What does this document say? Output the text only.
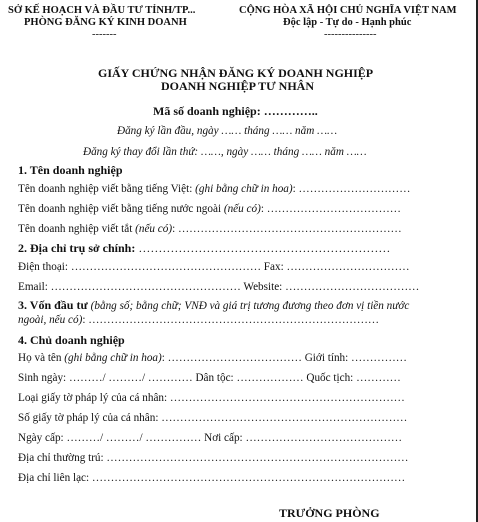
SỞ KẾ HOẠCH VÀ ĐẦU TƯ TỈNH/TP...
PHÒNG ĐĂNG KÝ KINH DOANH
-------
CỘNG HÒA XÃ HỘI CHỦ NGHĨA VIỆT NAM
Độc lập - Tự do - Hạnh phúc
---------------
GIẤY CHỨNG NHẬN ĐĂNG KÝ DOANH NGHIỆP
DOANH NGHIỆP TƯ NHÂN
Mã số doanh nghiệp: …………..
Đăng ký lần đầu, ngày …… tháng …… năm ……
Đăng ký thay đổi lần thứ: ……, ngày …… tháng …… năm ……
1. Tên doanh nghiệp
Tên doanh nghiệp viết bằng tiếng Việt: (ghi bằng chữ in hoa): …………………………
Tên doanh nghiệp viết bằng tiếng nước ngoài (nếu có): ………………………………
Tên doanh nghiệp viết tắt (nếu có): ……………………………………………………
2. Địa chỉ trụ sở chính: ………………………………………………………
Điện thoại: …………………………………………… Fax: ……………………………
Email: …………………………………………… Website: ………………………………
3. Vốn đầu tư (bằng số; bằng chữ; VNĐ và giá trị tương đương theo đơn vị tiền nước
ngoài, nếu có): ……………………………………………………………………
4. Chủ doanh nghiệp
Họ và tên (ghi bằng chữ in hoa): ……………………………… Giới tính: ……………
Sinh ngày: ………/ ………/ ………… Dân tộc: ……………… Quốc tịch: …………
Loại giấy tờ pháp lý của cá nhân: ………………………………………………………
Số giấy tờ pháp lý của cá nhân: …………………………………………………………
Ngày cấp: ………/ ………/ …………… Nơi cấp: ……………………………………
Địa chỉ thường trú: ………………………………………………………………………
Địa chỉ liên lạc: …………………………………………………………………………
TRƯỞNG PHÒNG
